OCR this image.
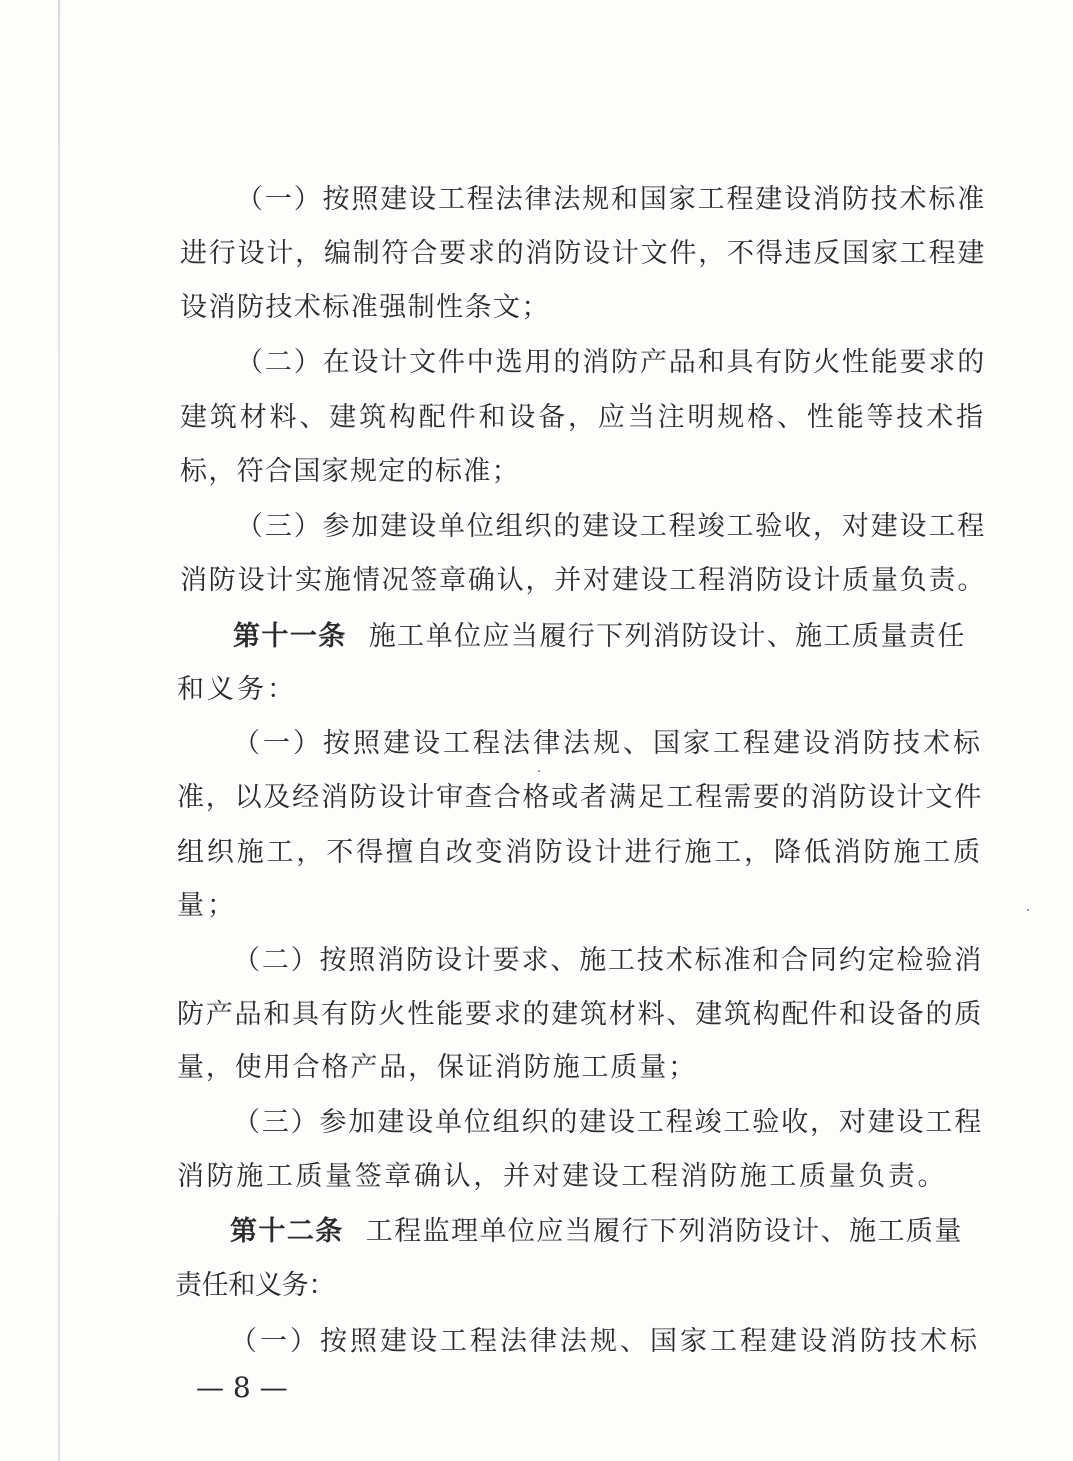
（一）按照建设工程法律法规和国家工程建设消防技术标准
进行设计，编制符合要求的消防设计文件，不得违反国家工程建
设消防技术标准强制性条文；
（二）在设计文件中选用的消防产品和具有防火性能要求的
建筑材料、建筑构配件和设备，应当注明规格、性能等技术指
标，符合国家规定的标准；
（三）参加建设单位组织的建设工程竣工验收，对建设工程
消防设计实施情况签章确认，并对建设工程消防设计质量负责。
第十一条 施工单位应当履行下列消防设计、施工质量责任
和义务：
（一）按照建设工程法律法规、国家工程建设消防技术标
准，以及经消防设计审查合格或者满足工程需要的消防设计文件
组织施工，不得擅自改变消防设计进行施工，降低消防施工质
量；
（二）按照消防设计要求、施工技术标准和合同约定检验消
防产品和具有防火性能要求的建筑材料、建筑构配件和设备的质
量，使用合格产品，保证消防施工质量；
（三）参加建设单位组织的建设工程竣工验收，对建设工程
消防施工质量签章确认，并对建设工程消防施工质量负责。
第十二条 工程监理单位应当履行下列消防设计、施工质量
责任和义务：
（一）按照建设工程法律法规、国家工程建设消防技术标
— 8 —
